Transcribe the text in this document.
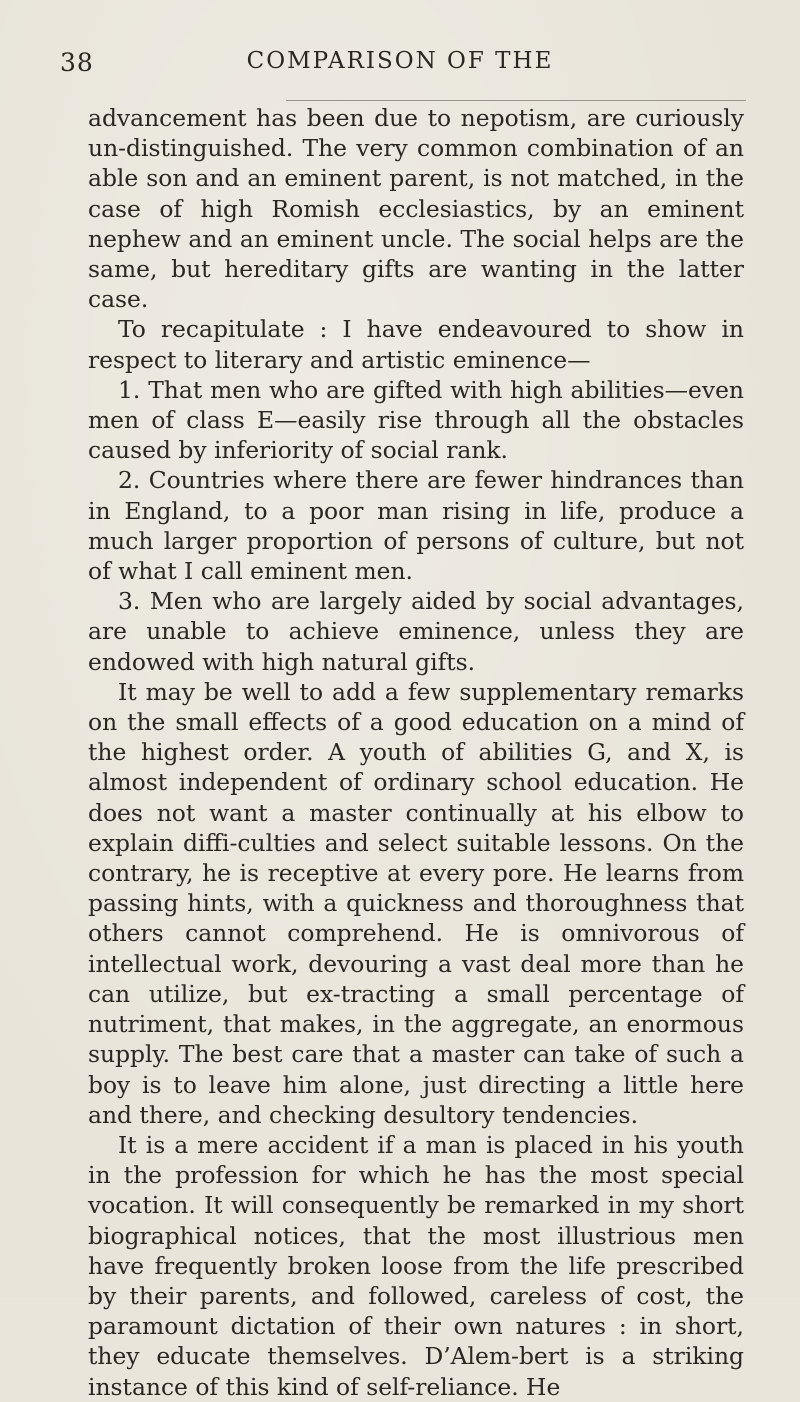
38	COMPARISON OF THE

advancement has been due to nepotism, are curiously un-distinguished. The very common combination of an able son and an eminent parent, is not matched, in the case of high Romish ecclesiastics, by an eminent nephew and an eminent uncle. The social helps are the same, but hereditary gifts are wanting in the latter case.

To recapitulate : I have endeavoured to show in respect to literary and artistic eminence—

1. That men who are gifted with high abilities—even men of class E—easily rise through all the obstacles caused by inferiority of social rank.

2. Countries where there are fewer hindrances than in England, to a poor man rising in life, produce a much larger proportion of persons of culture, but not of what I call eminent men.

3. Men who are largely aided by social advantages, are unable to achieve eminence, unless they are endowed with high natural gifts.

It may be well to add a few supplementary remarks on the small effects of a good education on a mind of the highest order. A youth of abilities G, and X, is almost independent of ordinary school education. He does not want a master continually at his elbow to explain diffi-culties and select suitable lessons. On the contrary, he is receptive at every pore. He learns from passing hints, with a quickness and thoroughness that others cannot comprehend. He is omnivorous of intellectual work, devouring a vast deal more than he can utilize, but ex-tracting a small percentage of nutriment, that makes, in the aggregate, an enormous supply. The best care that a master can take of such a boy is to leave him alone, just directing a little here and there, and checking desultory tendencies.

It is a mere accident if a man is placed in his youth in the profession for which he has the most special vocation. It will consequently be remarked in my short biographical notices, that the most illustrious men have frequently broken loose from the life prescribed by their parents, and followed, careless of cost, the paramount dictation of their own natures : in short, they educate themselves. D’Alem-bert is a striking instance of this kind of self-reliance. He
